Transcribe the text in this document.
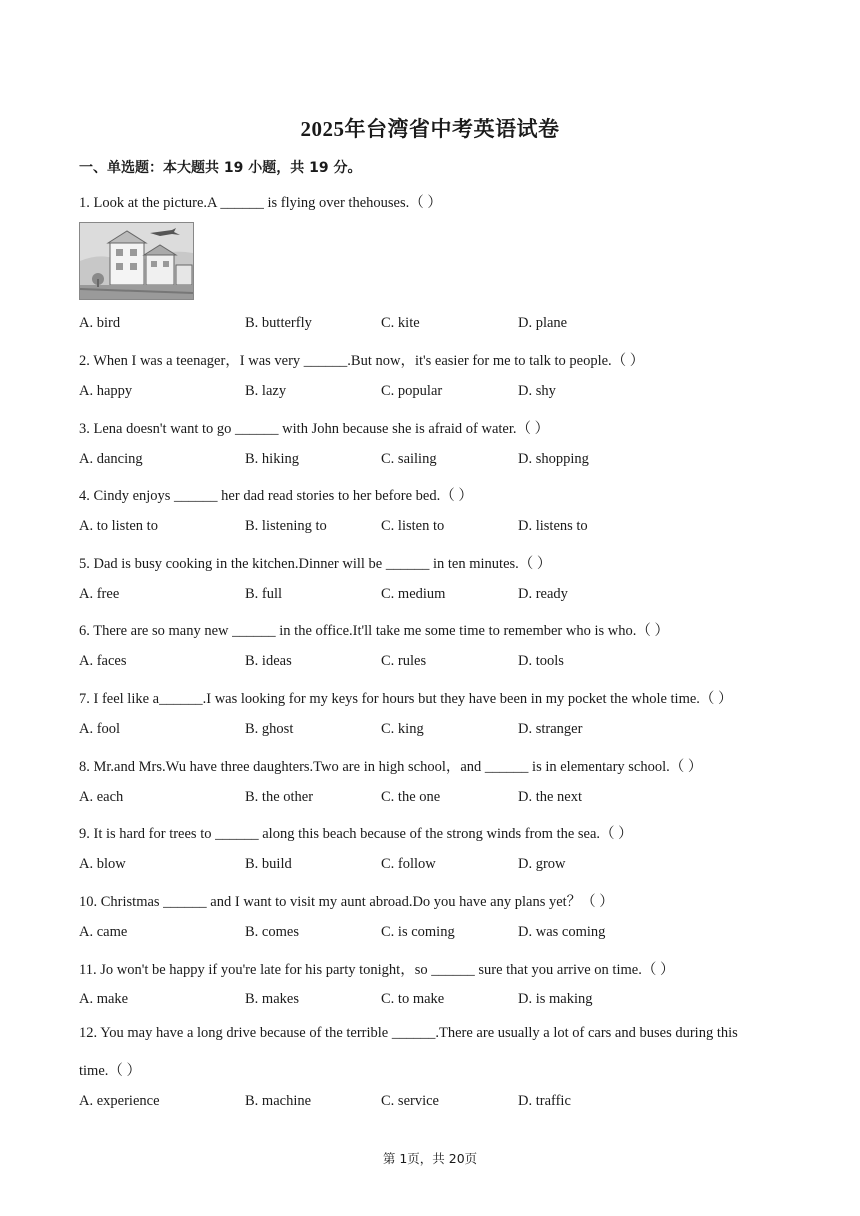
2025年台湾省中考英语试卷
一、单选题：本大题共 19 小题，共 19 分。
1. Look at the picture.A ______ is flying over thehouses.（ ）
A. bird	B. butterfly	C. kite	D. plane
2. When I was a teenager，I was very ______.But now，it's easier for me to talk to people.（ ）
A. happy	B. lazy	C. popular	D. shy
3. Lena doesn't want to go ______ with John because she is afraid of water.（ ）
A. dancing	B. hiking	C. sailing	D. shopping
4. Cindy enjoys ______ her dad read stories to her before bed.（ ）
A. to listen to	B. listening to	C. listen to	D. listens to
5. Dad is busy cooking in the kitchen.Dinner will be ______ in ten minutes.（ ）
A. free	B. full	C. medium	D. ready
6. There are so many new ______ in the office.It'll take me some time to remember who is who.（ ）
A. faces	B. ideas	C. rules	D. tools
7. I feel like a______.I was looking for my keys for hours but they have been in my pocket the whole time.（ ）
A. fool	B. ghost	C. king	D. stranger
8. Mr.and Mrs.Wu have three daughters.Two are in high school，and ______ is in elementary school.（ ）
A. each	B. the other	C. the one	D. the next
9. It is hard for trees to ______ along this beach because of the strong winds from the sea.（ ）
A. blow	B. build	C. follow	D. grow
10. Christmas ______ and I want to visit my aunt abroad.Do you have any plans yet？（ ）
A. came	B. comes	C. is coming	D. was coming
11. Jo won't be happy if you're late for his party tonight，so ______ sure that you arrive on time.（ ）
A. make	B. makes	C. to make	D. is making
12. You may have a long drive because of the terrible ______.There are usually a lot of cars and buses during this
time.（ ）
A. experience	B. machine	C. service	D. traffic
第 1页，共 20页
